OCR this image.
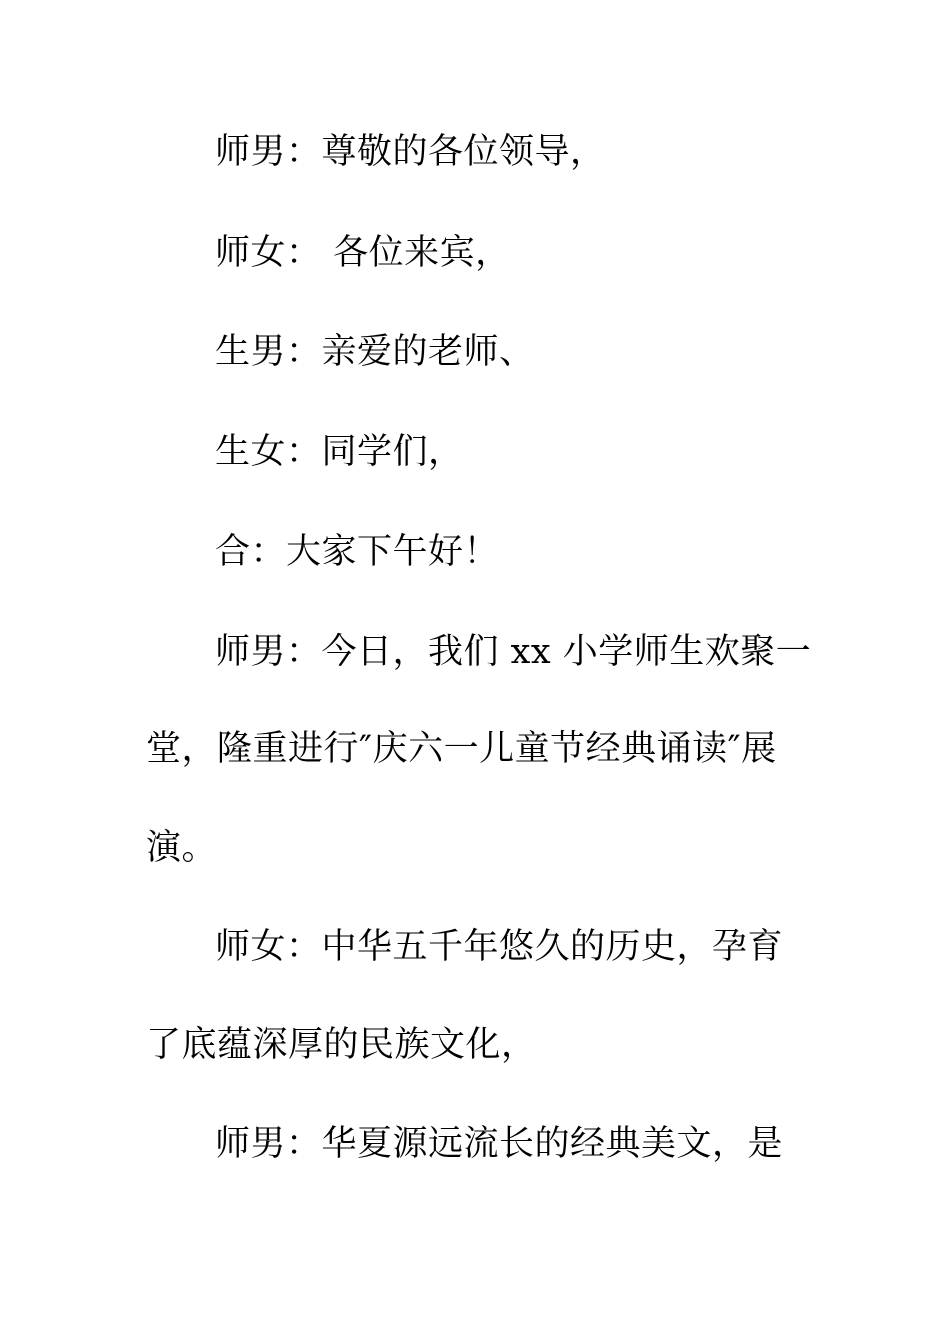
师男：尊敬的各位领导，
师女： 各位来宾，
生男：亲爱的老师、
生女：同学们，
合：大家下午好！
师男：今日，我们 xx 小学师生欢聚一
堂，隆重进行″庆六一儿童节经典诵读″展
演。
师女：中华五千年悠久的历史，孕育
了底蕴深厚的民族文化，
师男：华夏源远流长的经典美文，是
